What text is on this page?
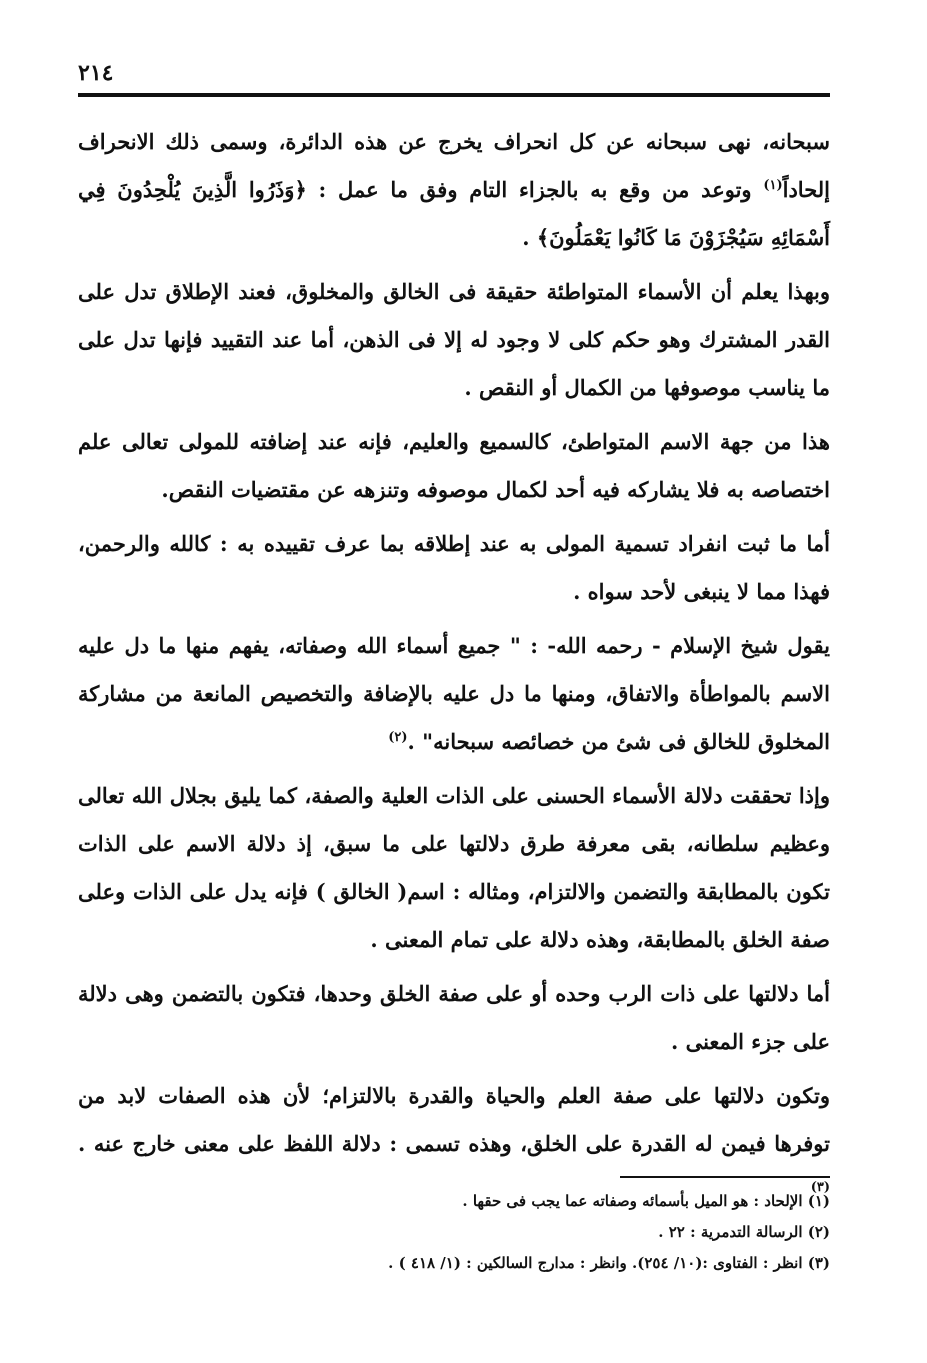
٢١٤

سبحانه، نهى سبحانه عن كل انحراف يخرج عن هذه الدائرة، وسمى ذلك الانحراف إلحاداً$^{(١)}$ وتوعد من وقع به بالجزاء التام وفق ما عمل : ﴿وَذَرُوا الَّذِينَ يُلْحِدُونَ فِي أَسْمَائِهِ سَيُجْزَوْنَ مَا كَانُوا يَعْمَلُونَ﴾ .

وبهذا يعلم أن الأسماء المتواطئة حقيقة فى الخالق والمخلوق، فعند الإطلاق تدل على القدر المشترك وهو حكم كلى لا وجود له إلا فى الذهن، أما عند التقييد فإنها تدل على ما يناسب موصوفها من الكمال أو النقص .

هذا من جهة الاسم المتواطئ، كالسميع والعليم، فإنه عند إضافته للمولى تعالى علم اختصاصه به فلا يشاركه فيه أحد لكمال موصوفه وتنزهه عن مقتضيات النقص.

أما ما ثبت انفراد تسمية المولى به عند إطلاقه بما عرف تقييده به : كالله والرحمن، فهذا مما لا ينبغى لأحد سواه .

يقول شيخ الإسلام - رحمه الله- : " جميع أسماء الله وصفاته، يفهم منها ما دل عليه الاسم بالمواطأة والاتفاق، ومنها ما دل عليه بالإضافة والتخصيص المانعة من مشاركة المخلوق للخالق فى شئ من خصائصه سبحانه" .$^{(٢)}$

وإذا تحققت دلالة الأسماء الحسنى على الذات العلية والصفة، كما يليق بجلال الله تعالى وعظيم سلطانه، بقى معرفة طرق دلالتها على ما سبق، إذ دلالة الاسم على الذات تكون بالمطابقة والتضمن والالتزام، ومثاله : اسم( الخالق ) فإنه يدل على الذات وعلى صفة الخلق بالمطابقة، وهذه دلالة على تمام المعنى .

أما دلالتها على ذات الرب وحده أو على صفة الخلق وحدها، فتكون بالتضمن وهى دلالة على جزء المعنى .

وتكون دلالتها على صفة العلم والحياة والقدرة بالالتزام؛ لأن هذه الصفات لابد من توفرها فيمن له القدرة على الخلق، وهذه تسمى : دلالة اللفظ على معنى خارج عنه .$^{(٣)}$

(١) الإلحاد : هو الميل بأسمائه وصفاته عما يجب فى حقها .

(٢) الرسالة التدمرية : ٢٢ .

(٣) انظر : الفتاوى :(١٠/ ٢٥٤). وانظر : مدارج السالكين : (١/ ٤١٨ ) .
